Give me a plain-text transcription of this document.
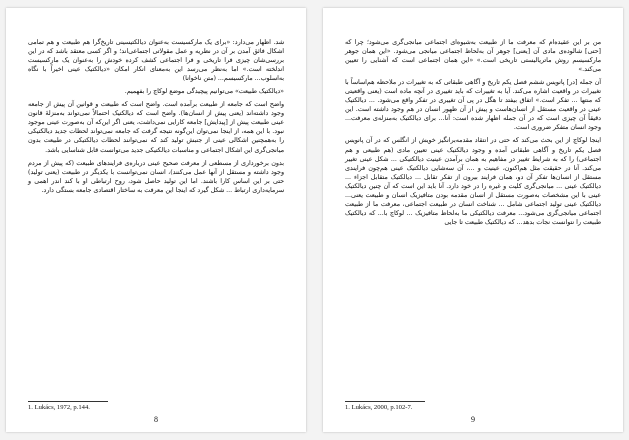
شد. اظهار می‌دارد: «برای یک مارکسیست به‌عنوان دیالکتیسینی تاریخ‌گرا هم طبیعت و هم تمامی اشکال فائق آمدن بر آن در نظریه و عمل مقولاتی اجتماعی‌اند؛ و اگر کسی معتقد باشد که در این بررسی‌شان چیزی فرا تاریخی و فرا اجتماعی کشف کرده خودش را به‌عنوان یک مارکسیست اندلخته است.» اما به‌نظر می‌رسد این به‌معنای انکار امکان «دیالکتیک عینی اخیراً با نگاه به‌اسلوب... مارکسیسم... (متن ناخوانا)

«دیالکتیک طبیعت» می‌توانیم پیچیدگی موضع لوکاچ را بفهمیم.

واضح است که جامعه از طبیعت برآمده است. واضح است که طبیعت و قوانین آن پیش از جامعه وجود داشته‌اند (یعنی پیش از انسان‌ها). واضح است که دیالکتیک احتمالاً نمی‌تواند به‌منزلهٔ قانون عینی طبیعت پیش از [پیدایش] جامعه کارایی نمی‌داشت، یعنی اگر این‌که آن به‌صورت عینی موجود نبود. با این همه، از اینجا نمی‌توان این‌گونه نتیجه گرفت که جامعه نمی‌تواند لحظات جدید دیالکتیکی را به‌همچنین اشکالی عینی از جنبش تولید کند که نمی‌توانند لحظات دیالکتیکی در طبیعت بدون میانجی‌گری این اشکال اجتماعی و مناسبات دیالکتیکی جدید می‌توانست قابل شناسایی باشد.

بدون برخورداری از مسطعی از معرفت صحیح عینی درباره‌ی فرایندهای طبیعت (که پیش از مردم وجود داشته و مستقل از آنها عمل می‌کنند)، انسان نمی‌توانست با یکدیگر در طبیعت (یعنی تولید) حتی بر این اساس کارا باشند. اما این تولید حاصل شود، روح ارتباطی او با کند اندر اهمی و سرمایه‌داری ارتباط ... شکل گیرد که اینجا این معرفت به‌ ساختار اقتصادی جامعه بستگی دارد.

1. Lukács, 1972, p.144.
8

من بر این عقیده‌ام که معرفت ما از طبیعت به‌شیوه‌ای اجتماعی میانجی‌گری می‌شود؛ چرا که [حتی] شالوده‌ی مادی آن [یعنی] جوهر آن به‌لحاظ اجتماعی میانجی می‌شود. «این همان جوهر مارکسیسم روش ماتریالیستی تاریخی است.» «این همان اجتماعی است که آشنایی را تعیین می‌کند.»

آن جمله [در] پانویس ششم فصل یکم تاریخ و آگاهی طبقاتی که به تغییرات در ملاحظه هم‌اساساً با تغییرات در واقعیت اشاره می‌کند. آیا به تغییرات که باید تغییری در آنچه ماده است (یعنی واقعیتی که منتها ... تفکر است.» اتفاق بیفتد تا هگل در پی آن تغییری در تفکر واقع می‌شود. ... دیالکتیک عینی در واقعیت مستقل از انسان‌هاست و پیش از آن ظهور انسان در هم وجود داشته است. این دقیقاً آن چیزی است که در آن جمله اظهار شده است: آنا... برای دیالکتیک به‌منزله‌ی معرفت... وجود انسان متفکر ضروری است.

اینجا لوکاچ از این بحث می‌کند که حتی در انتقاد مقدمه‌برانگیز خویش از انگلس که در آن پانویس فصل یکم تاریخ و آگاهی طبقاتی آمده و وجود دیالکتیک عینی تعیین مادی (هم طبیعی و هم اجتماعی) را که به شرایط تغییر در مفاهیم به همان برآمدن عینیت دیالکتیکی ... شکل عینی تغییر می‌کند. آنا در حقیقت مثل هم‌اکنون، عینیت و ...، آن سه‌شایی دیالکتیک عینی هم‌چون فرایندی مستقل از انسان‌ها تفکر آن دو، همان فرایند بیرون از تفکر تقابل ... دیالکتیک متقابل اجزاء ... دیالکتیک عینی ... میانجی‌گری کلیت و غیره را در خود دارد. آنا باید این است که آن چنین دیالکتیک عینی با این مشخصات به‌صورت مستقل از انسان مقدمه بودن متافیزیک انسان و طبیعت یعنی... دیالکتیک عینی تولید اجتماعی شامل ... شناخت انسان در طبیعت اجتماعی، معرفت ما از طبیعت اجتماعی میانجی‌گری می‌شود... معرفت دیالکتیکی ما به‌لحاظ متافیزیک ... لوکاچ با... که دیالکتیک طبیعت را نتوانست نجات بدهد... که دیالکتیک طبیعت تا جایی

1. Lukács, 2000, p.102-7.
9
